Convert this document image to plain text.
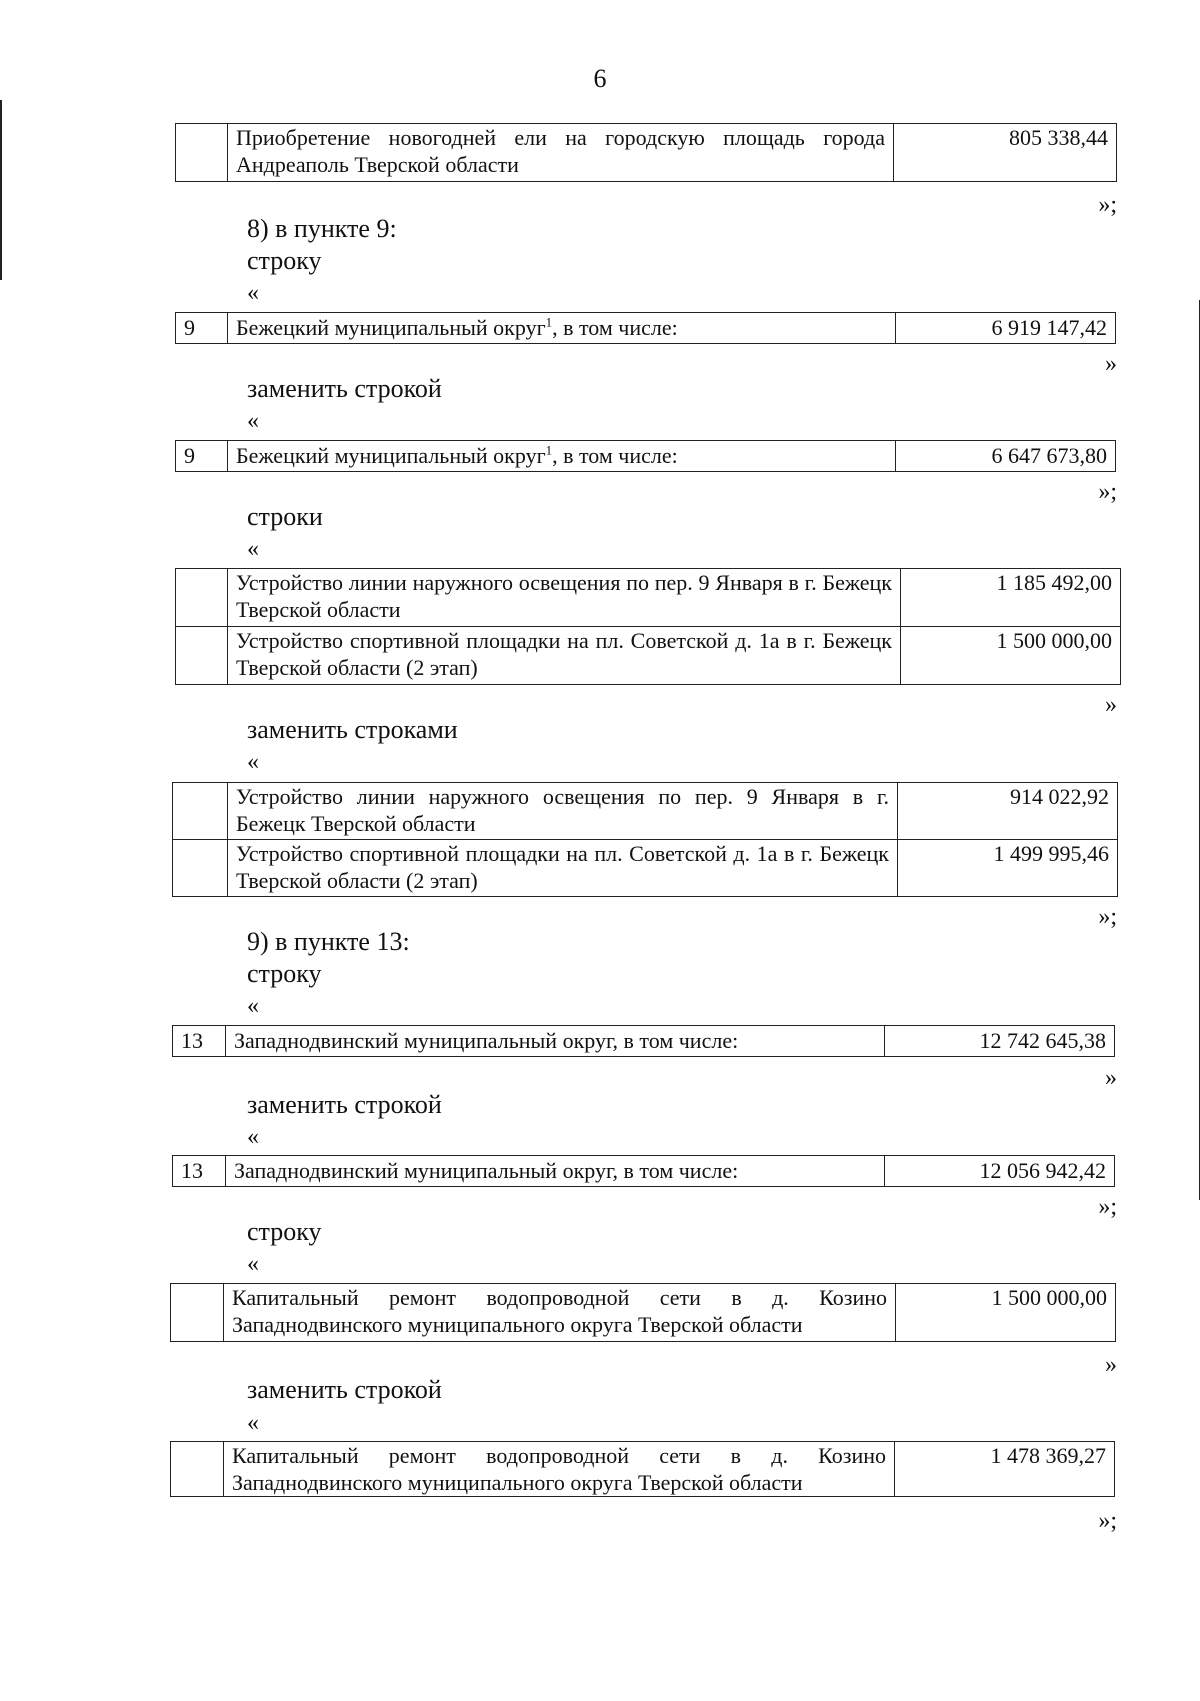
6
	Приобретение новогодней ели на городскую площадь города Андреаполь Тверской области	805 338,44
»;
8) в пункте 9:
строку
«
9	Бежецкий муниципальный округ$^1$, в том числе:	6 919 147,42
»
заменить строкой
«
9	Бежецкий муниципальный округ$^1$, в том числе:	6 647 673,80
»;
строки
«
	Устройство линии наружного освещения по пер. 9 Января в г. Бежецк Тверской области	1 185 492,00
	Устройство спортивной площадки на пл. Советской д. 1а в г. Бежецк Тверской области (2 этап)	1 500 000,00
»
заменить строками
«
	Устройство линии наружного освещения по пер. 9 Января в г. Бежецк Тверской области	914 022,92
	Устройство спортивной площадки на пл. Советской д. 1а в г. Бежецк Тверской области (2 этап)	1 499 995,46
»;
9) в пункте 13:
строку
«
13	Западнодвинский муниципальный округ, в том числе:	12 742 645,38
»
заменить строкой
«
13	Западнодвинский муниципальный округ, в том числе:	12 056 942,42
»;
строку
«
	Капитальный ремонт водопроводной сети в д. Козино Западнодвинского муниципального округа Тверской области	1 500 000,00
»
заменить строкой
«
	Капитальный ремонт водопроводной сети в д. Козино Западнодвинского муниципального округа Тверской области	1 478 369,27
»;
